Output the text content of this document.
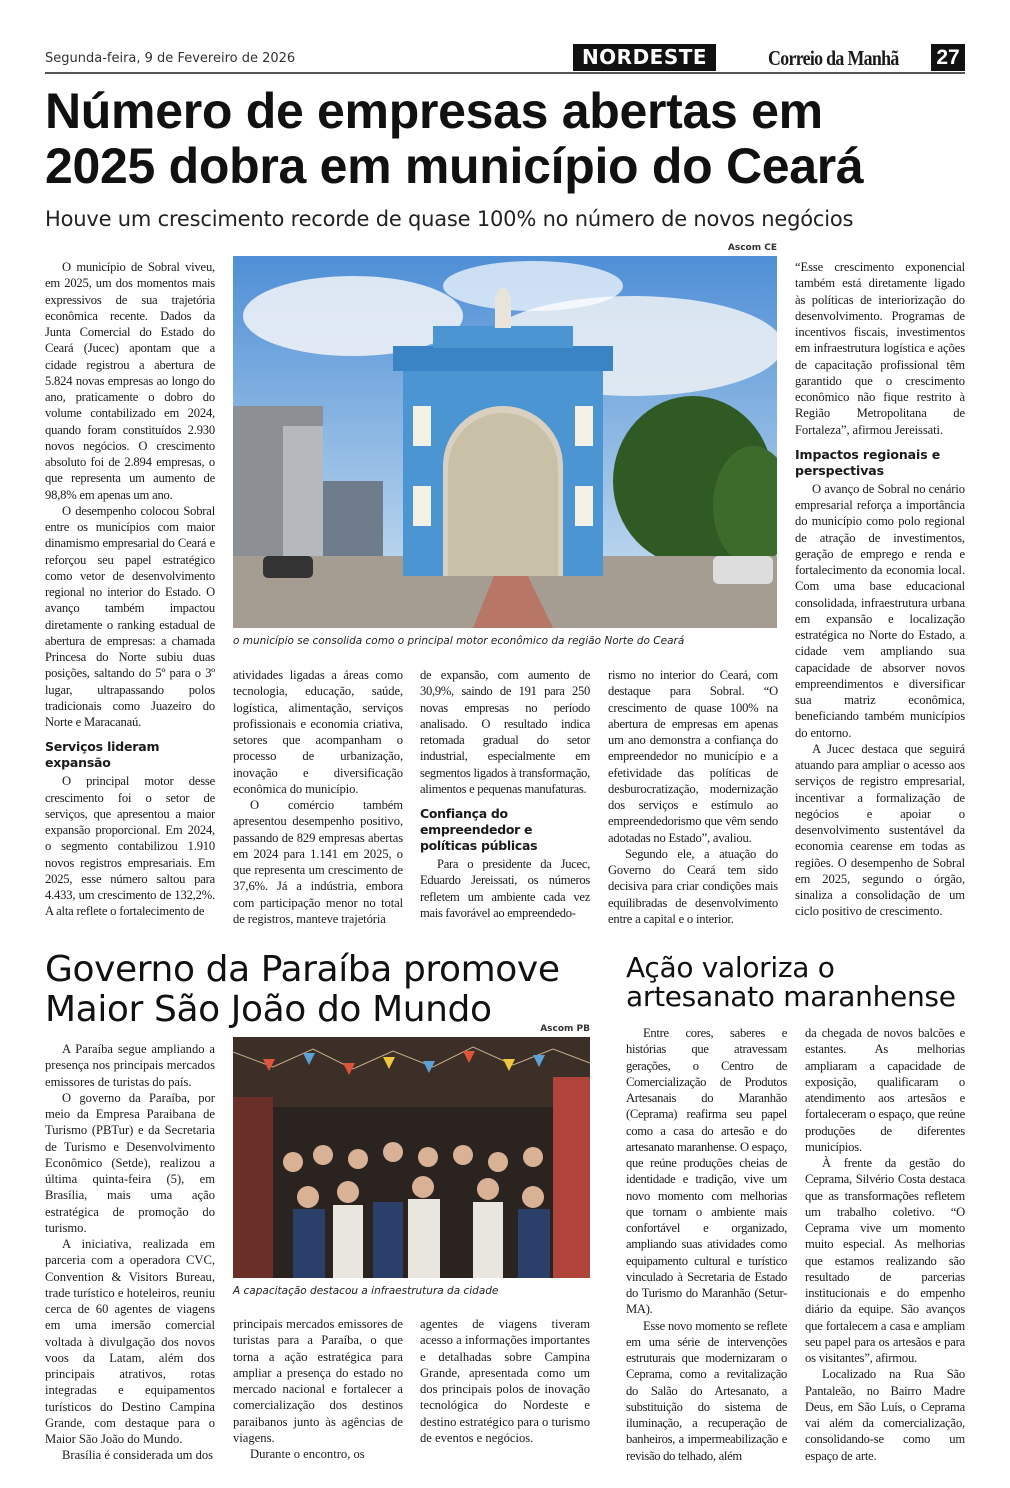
Segunda-feira, 9 de Fevereiro de 2026	NORDESTE	Correio da Manhã 27
Número de empresas abertas em
2025 dobra em município do Ceará
Houve um crescimento recorde de quase 100% no número de novos negócios
Ascom CE
o município se consolida como o principal motor econômico da região Norte do Ceará

O município de Sobral viveu, em 2025, um dos momentos mais expressivos de sua trajetória econômica recente. Dados da Junta Comercial do Estado do Ceará (Jucec) apontam que a cidade registrou a abertura de 5.824 novas empresas ao longo do ano, praticamente o dobro do volume contabilizado em 2024, quando foram constituídos 2.930 novos negócios. O crescimento absoluto foi de 2.894 empresas, o que representa um aumento de 98,8% em apenas um ano.

O desempenho colocou Sobral entre os municípios com maior dinamismo empresarial do Ceará e reforçou seu papel estratégico como vetor de desenvolvimento regional no interior do Estado. O avanço também impactou diretamente o ranking estadual de abertura de empresas: a chamada Princesa do Norte subiu duas posições, saltando do 5º para o 3º lugar, ultrapassando polos tradicionais como Juazeiro do Norte e Maracanaú.

Serviços lideram expansão

O principal motor desse crescimento foi o setor de serviços, que apresentou a maior expansão proporcional. Em 2024, o segmento contabilizou 1.910 novos registros empresariais. Em 2025, esse número saltou para 4.433, um crescimento de 132,2%. A alta reflete o fortalecimento de

atividades ligadas a áreas como tecnologia, educação, saúde, logística, alimentação, serviços profissionais e economia criativa, setores que acompanham o processo de urbanização, inovação e diversificação econômica do município.

O comércio também apresentou desempenho positivo, passando de 829 empresas abertas em 2024 para 1.141 em 2025, o que representa um crescimento de 37,6%. Já a indústria, embora com participação menor no total de registros, manteve trajetória

de expansão, com aumento de 30,9%, saindo de 191 para 250 novas empresas no período analisado. O resultado indica retomada gradual do setor industrial, especialmente em segmentos ligados à transformação, alimentos e pequenas manufaturas.

Confiança do empreendedor e políticas públicas

Para o presidente da Jucec, Eduardo Jereissati, os números refletem um ambiente cada vez mais favorável ao empreendedo-

rismo no interior do Ceará, com destaque para Sobral. “O crescimento de quase 100% na abertura de empresas em apenas um ano demonstra a confiança do empreendedor no município e a efetividade das políticas de desburocratização, modernização dos serviços e estímulo ao empreendedorismo que vêm sendo adotadas no Estado”, avaliou.

Segundo ele, a atuação do Governo do Ceará tem sido decisiva para criar condições mais equilibradas de desenvolvimento entre a capital e o interior.

“Esse crescimento exponencial também está diretamente ligado às políticas de interiorização do desenvolvimento. Programas de incentivos fiscais, investimentos em infraestrutura logística e ações de capacitação profissional têm garantido que o crescimento econômico não fique restrito à Região Metropolitana de Fortaleza”, afirmou Jereissati.

Impactos regionais e perspectivas

O avanço de Sobral no cenário empresarial reforça a importância do município como polo regional de atração de investimentos, geração de emprego e renda e fortalecimento da economia local. Com uma base educacional consolidada, infraestrutura urbana em expansão e localização estratégica no Norte do Estado, a cidade vem ampliando sua capacidade de absorver novos empreendimentos e diversificar sua matriz econômica, beneficiando também municípios do entorno.

A Jucec destaca que seguirá atuando para ampliar o acesso aos serviços de registro empresarial, incentivar a formalização de negócios e apoiar o desenvolvimento sustentável da economia cearense em todas as regiões. O desempenho de Sobral em 2025, segundo o órgão, sinaliza a consolidação de um ciclo positivo de crescimento.

Governo da Paraíba promove
Maior São João do Mundo	Ascom PB
A capacitação destacou a infraestrutura da cidade

A Paraíba segue ampliando a presença nos principais mercados emissores de turistas do país.

O governo da Paraíba, por meio da Empresa Paraibana de Turismo (PBTur) e da Secretaria de Turismo e Desenvolvimento Econômico (Setde), realizou a última quinta-feira (5), em Brasília, mais uma ação estratégica de promoção do turismo.

A iniciativa, realizada em parceria com a operadora CVC, Convention & Visitors Bureau, trade turístico e hoteleiros, reuniu cerca de 60 agentes de viagens em uma imersão comercial voltada à divulgação dos novos voos da Latam, além dos principais atrativos, rotas integradas e equipamentos turísticos do Destino Campina Grande, com destaque para o Maior São João do Mundo.

Brasília é considerada um dos

principais mercados emissores de turistas para a Paraíba, o que torna a ação estratégica para ampliar a presença do estado no mercado nacional e fortalecer a comercialização dos destinos paraibanos junto às agências de viagens.

Durante o encontro, os

agentes de viagens tiveram acesso a informações importantes e detalhadas sobre Campina Grande, apresentada como um dos principais polos de inovação tecnológica do Nordeste e destino estratégico para o turismo de eventos e negócios.

Ação valoriza o
artesanato maranhense

Entre cores, saberes e histórias que atravessam gerações, o Centro de Comercialização de Produtos Artesanais do Maranhão (Ceprama) reafirma seu papel como a casa do artesão e do artesanato maranhense. O espaço, que reúne produções cheias de identidade e tradição, vive um novo momento com melhorias que tornam o ambiente mais confortável e organizado, ampliando suas atividades como equipamento cultural e turístico vinculado à Secretaria de Estado do Turismo do Maranhão (Setur-MA).

Esse novo momento se reflete em uma série de intervenções estruturais que modernizaram o Ceprama, como a revitalização do Salão do Artesanato, a substituição do sistema de iluminação, a recuperação de banheiros, a impermeabilização e revisão do telhado, além

da chegada de novos balcões e estantes. As melhorias ampliaram a capacidade de exposição, qualificaram o atendimento aos artesãos e fortaleceram o espaço, que reúne produções de diferentes municípios.

À frente da gestão do Ceprama, Silvério Costa destaca que as transformações refletem um trabalho coletivo. “O Ceprama vive um momento muito especial. As melhorias que estamos realizando são resultado de parcerias institucionais e do empenho diário da equipe. São avanços que fortalecem a casa e ampliam seu papel para os artesãos e para os visitantes”, afirmou.

Localizado na Rua São Pantaleão, no Bairro Madre Deus, em São Luís, o Ceprama vai além da comercialização, consolidando-se como um espaço de arte.
